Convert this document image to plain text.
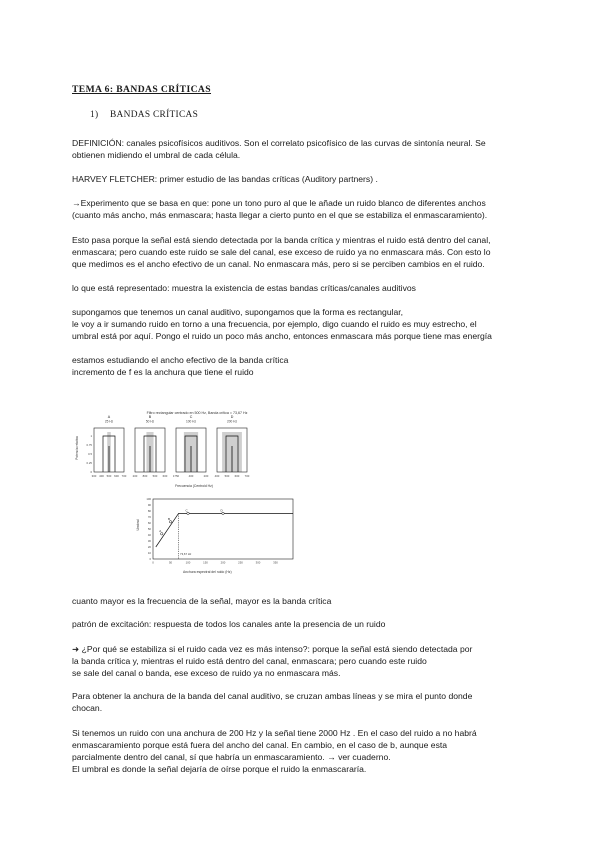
TEMA 6: BANDAS CRÍTICAS
1) BANDAS CRÍTICAS
DEFINICIÓN: canales psicofísicos auditivos. Son el correlato psicofísico de las curvas de sintonía neural. Se
obtienen midiendo el umbral de cada célula.
HARVEY FLETCHER: primer estudio de las bandas críticas (Auditory partners) .
→Experimento que se basa en que: pone un tono puro al que le añade un ruido blanco de diferentes anchos
(cuanto más ancho, más enmascara; hasta llegar a cierto punto en el que se estabiliza el enmascaramiento).
Esto pasa porque la señal está siendo detectada por la banda crítica y mientras el ruido está dentro del canal,
enmascara; pero cuando este ruido se sale del canal, ese exceso de ruido ya no enmascara más. Con esto lo
que medimos es el ancho efectivo de un canal. No enmascara más, pero si se perciben cambios en el ruido.
lo que está representado: muestra la existencia de estas bandas críticas/canales auditivos
supongamos que tenemos un canal auditivo, supongamos que la forma es rectangular,
le voy a ir sumando ruido en torno a una frecuencia, por ejemplo, digo cuando el ruido es muy estrecho, el
umbral está por aquí. Pongo el ruido un poco más ancho, entonces enmascara más porque tiene mas energía
estamos estudiando el ancho efectivo de la banda crítica
incremento de f es la anchura que tiene el ruido
Filtro rectangular centrado en 500 Hz, Banda crítica = 73,67 Hz
Potencia relativa
A
25 Hz
300 400 500 600 700
B
50 Hz
200 800 500 600
C
100 Hz
1750	400	200
D
200 Hz
400 500 600 700
1
0.75
0.5
0.25
0
Frecuencia (Centroid Hz)
0
10
20
30
40
50
60
70
80
90
100
0	50	100	150	200	250	300	350
73,67 Hz
A
B
C	D
Anchura espectral del ruido (Hz)
Umbral
cuanto mayor es la frecuencia de la señal, mayor es la banda crítica
patrón de excitación: respuesta de todos los canales ante la presencia de un ruido
➜ ¿Por qué se estabiliza si el ruido cada vez es más intenso?: porque la señal está siendo detectada por
la banda crítica y, mientras el ruido está dentro del canal, enmascara; pero cuando este ruido
se sale del canal o banda, ese exceso de ruido ya no enmascara más.
Para obtener la anchura de la banda del canal auditivo, se cruzan ambas líneas y se mira el punto donde
chocan.
Si tenemos un ruido con una anchura de 200 Hz y la señal tiene 2000 Hz . En el caso del ruido a no habrá
enmascaramiento porque está fuera del ancho del canal. En cambio, en el caso de b, aunque esta
parcialmente dentro del canal, sí que habría un enmascaramiento. → ver cuaderno.
El umbral es donde la señal dejaría de oírse porque el ruido la enmascararía.
